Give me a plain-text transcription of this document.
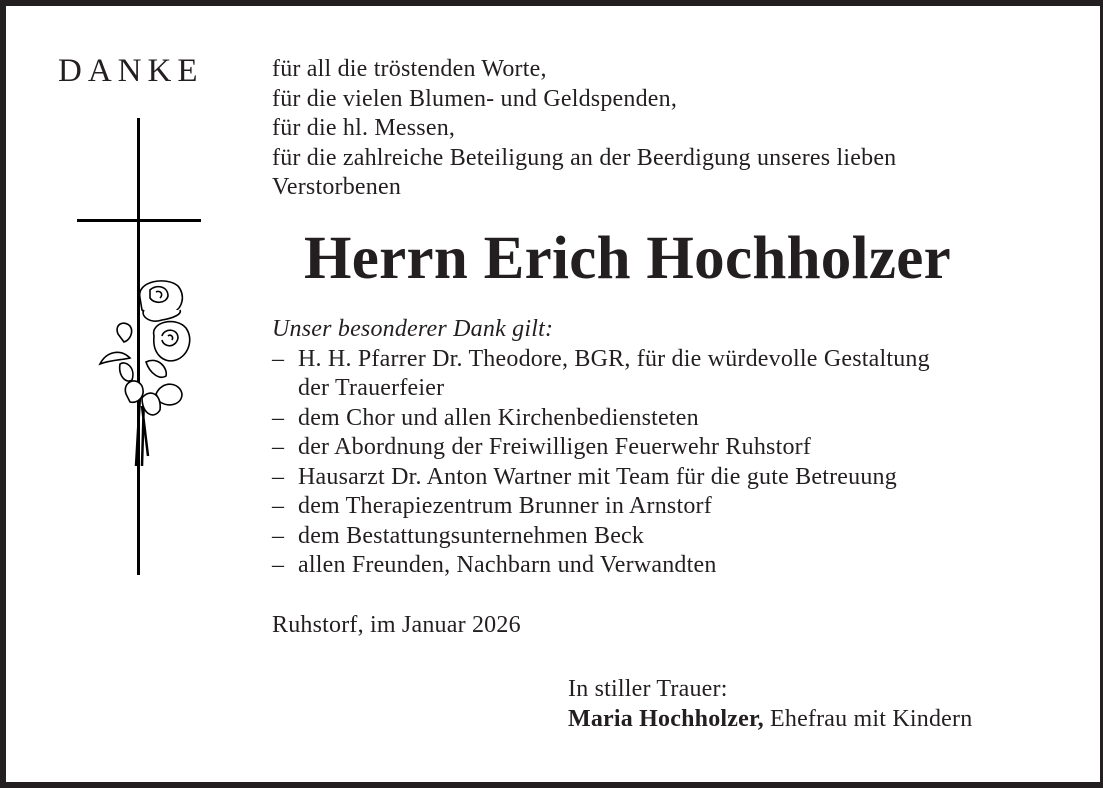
DANKE	für all die tröstenden Worte,
für die vielen Blumen- und Geldspenden,
für die hl. Messen,
für die zahlreiche Beteiligung an der Beerdigung unseres lieben
Verstorbenen
Herrn Erich Hochholzer
Unser besonderer Dank gilt:
– H. H. Pfarrer Dr. Theodore, BGR, für die würdevolle Gestaltung
der Trauerfeier
– dem Chor und allen Kirchenbediensteten
– der Abordnung der Freiwilligen Feuerwehr Ruhstorf
– Hausarzt Dr. Anton Wartner mit Team für die gute Betreuung
– dem Therapiezentrum Brunner in Arnstorf
– dem Bestattungsunternehmen Beck
– allen Freunden, Nachbarn und Verwandten
Ruhstorf, im Januar 2026
In stiller Trauer:
Maria Hochholzer, Ehefrau mit Kindern
